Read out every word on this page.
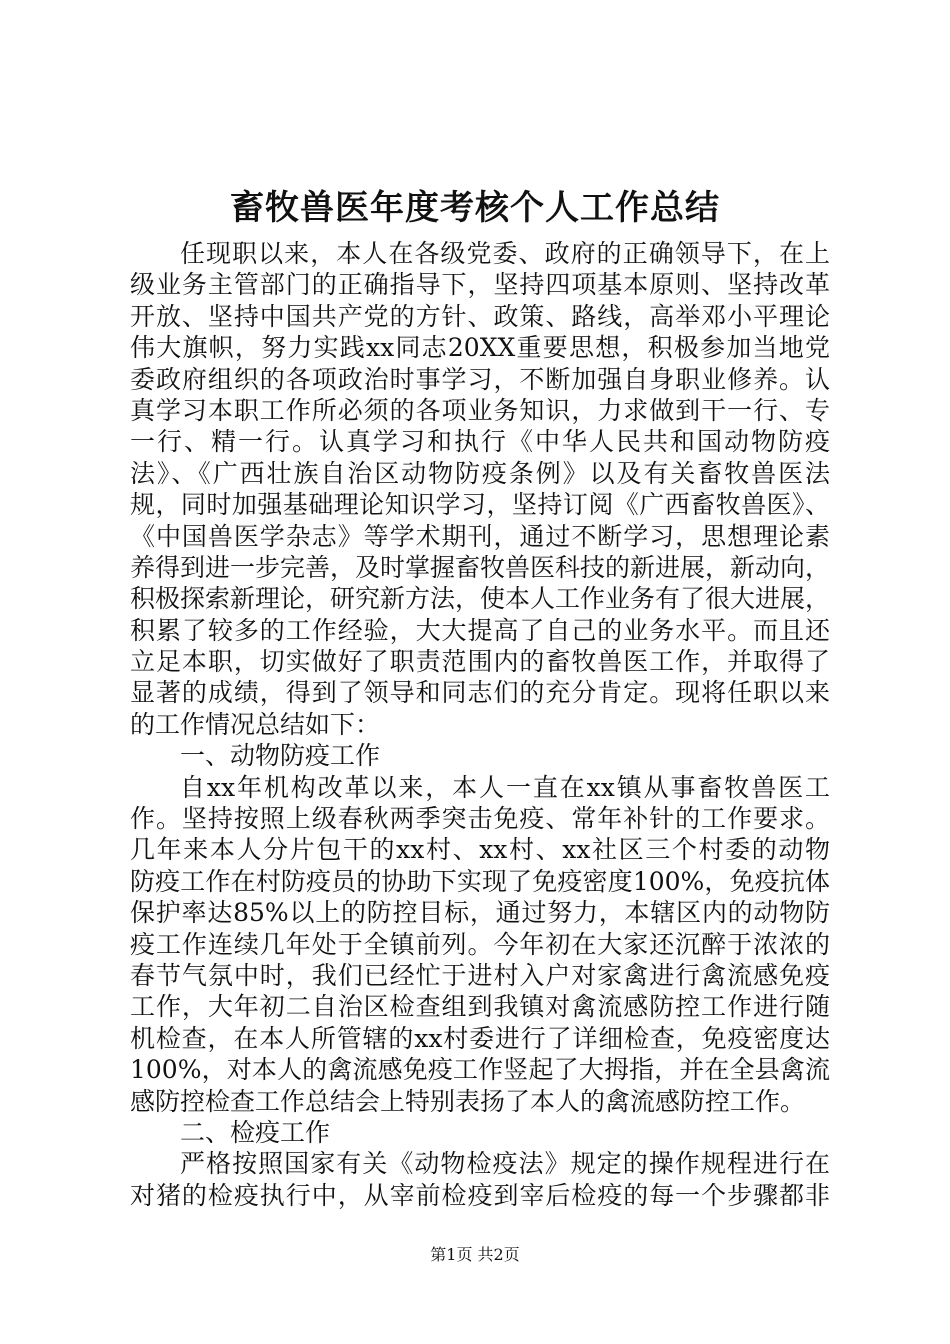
畜牧兽医年度考核个人工作总结
任现职以来，本人在各级党委、政府的正确领导下，在上
级业务主管部门的正确指导下，坚持四项基本原则、坚持改革
开放、坚持中国共产党的方针、政策、路线，高举邓小平理论
伟大旗帜，努力实践xx同志20XX重要思想，积极参加当地党
委政府组织的各项政治时事学习，不断加强自身职业修养。认
真学习本职工作所必须的各项业务知识，力求做到干一行、专
一行、精一行。认真学习和执行《中华人民共和国动物防疫
法》、《广西壮族自治区动物防疫条例》以及有关畜牧兽医法
规，同时加强基础理论知识学习，坚持订阅《广西畜牧兽医》、
《中国兽医学杂志》等学术期刊，通过不断学习，思想理论素
养得到进一步完善，及时掌握畜牧兽医科技的新进展，新动向，
积极探索新理论，研究新方法，使本人工作业务有了很大进展，
积累了较多的工作经验，大大提高了自己的业务水平。而且还
立足本职，切实做好了职责范围内的畜牧兽医工作，并取得了
显著的成绩，得到了领导和同志们的充分肯定。现将任职以来
的工作情况总结如下：
一、动物防疫工作
自xx年机构改革以来，本人一直在xx镇从事畜牧兽医工
作。坚持按照上级春秋两季突击免疫、常年补针的工作要求。
几年来本人分片包干的xx村、xx村、xx社区三个村委的动物
防疫工作在村防疫员的协助下实现了免疫密度100%，免疫抗体
保护率达85%以上的防控目标，通过努力，本辖区内的动物防
疫工作连续几年处于全镇前列。今年初在大家还沉醉于浓浓的
春节气氛中时，我们已经忙于进村入户对家禽进行禽流感免疫
工作，大年初二自治区检查组到我镇对禽流感防控工作进行随
机检查，在本人所管辖的xx村委进行了详细检查，免疫密度达
100%，对本人的禽流感免疫工作竖起了大拇指，并在全县禽流
感防控检查工作总结会上特别表扬了本人的禽流感防控工作。
二、检疫工作
严格按照国家有关《动物检疫法》规定的操作规程进行在
对猪的检疫执行中，从宰前检疫到宰后检疫的每一个步骤都非
第1页 共2页
